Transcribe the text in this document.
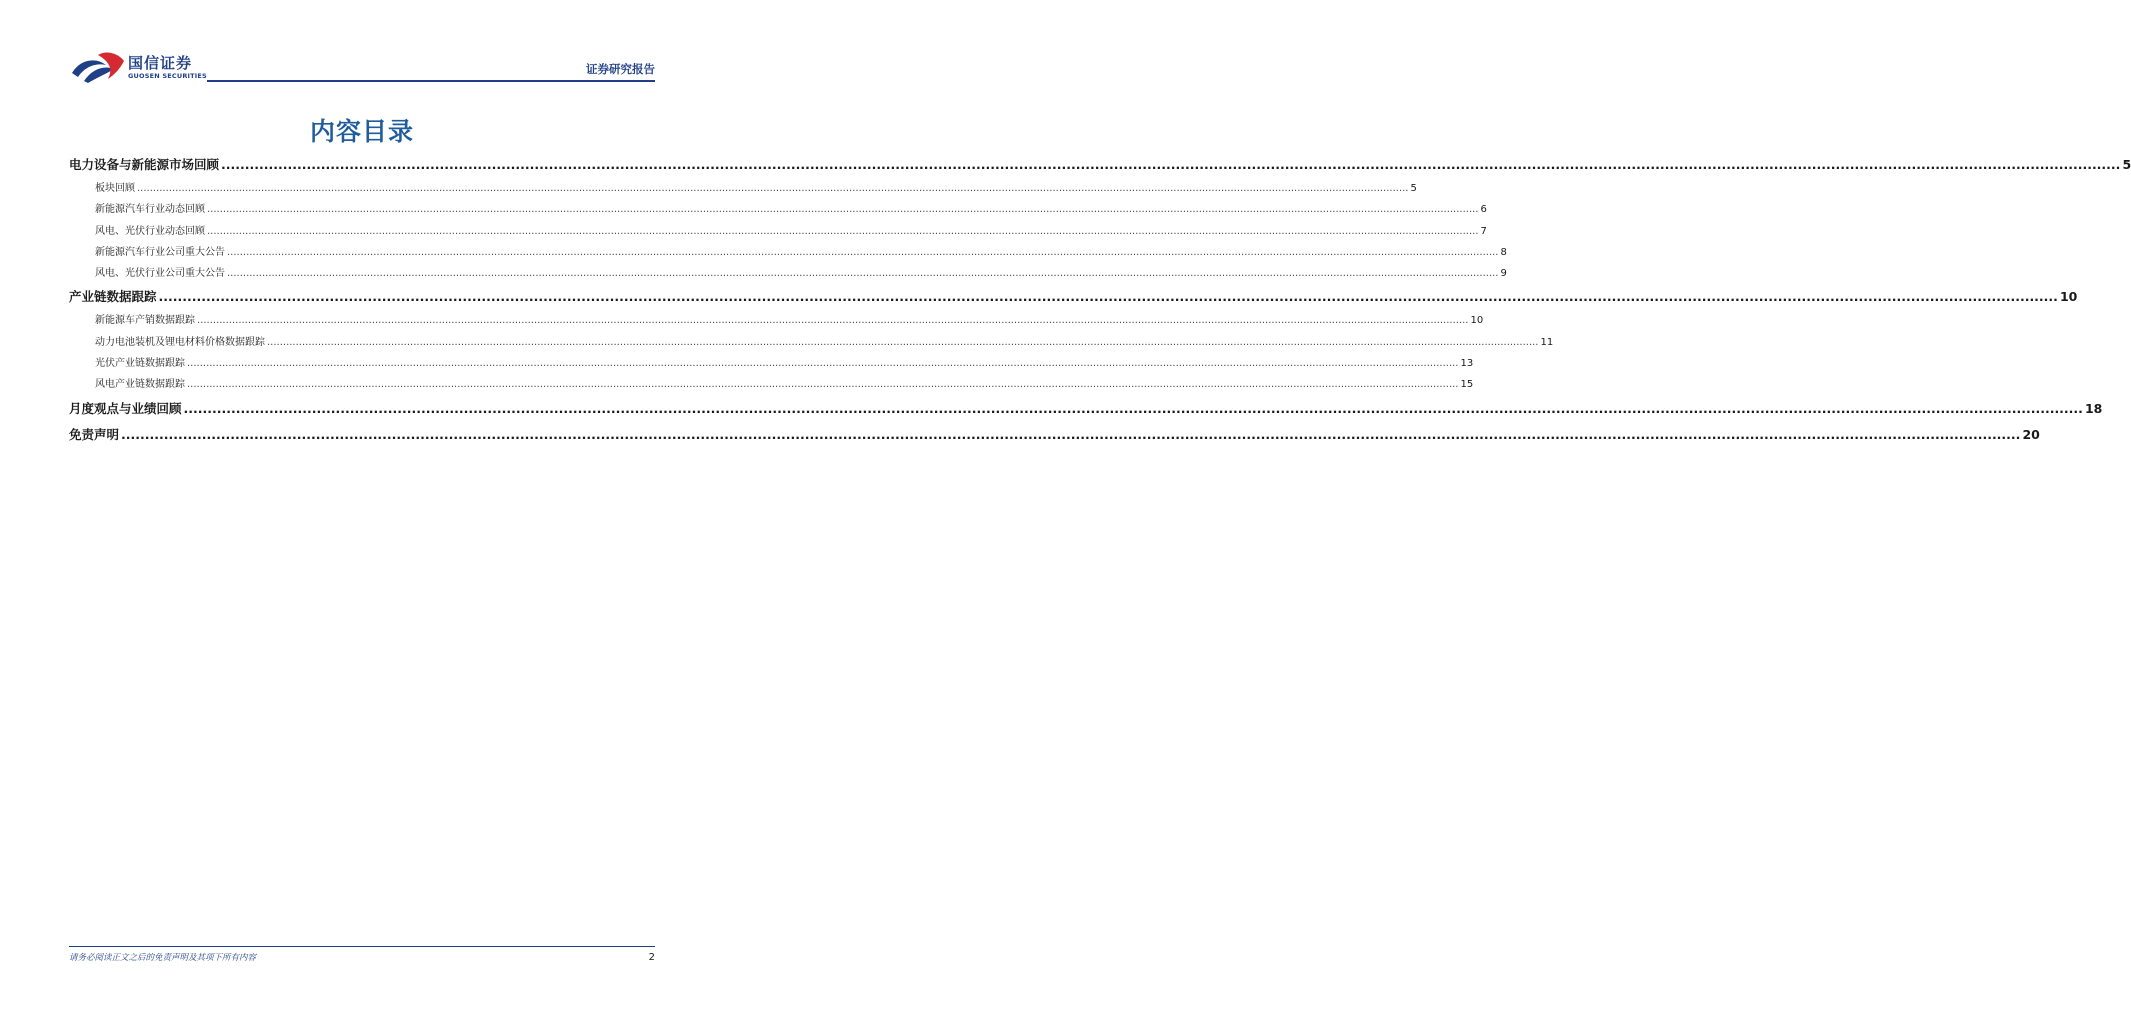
国信证券
GUOSEN SECURITIES	证券研究报告
内容目录
电力设备与新能源市场回顾 ................................................................................................................................................................................................................................................................................................................................................................................................................ 5
板块回顾 ................................................................................................................................................................................................................................................................................................................................................................................................................ 5
新能源汽车行业动态回顾 ................................................................................................................................................................................................................................................................................................................................................................................................................ 6
风电、光伏行业动态回顾 ................................................................................................................................................................................................................................................................................................................................................................................................................ 7
新能源汽车行业公司重大公告 ................................................................................................................................................................................................................................................................................................................................................................................................................ 8
风电、光伏行业公司重大公告 ................................................................................................................................................................................................................................................................................................................................................................................................................ 9
产业链数据跟踪 ................................................................................................................................................................................................................................................................................................................................................................................................................ 10
新能源车产销数据跟踪 ................................................................................................................................................................................................................................................................................................................................................................................................................ 10
动力电池装机及锂电材料价格数据跟踪 ................................................................................................................................................................................................................................................................................................................................................................................................................ 11
光伏产业链数据跟踪 ................................................................................................................................................................................................................................................................................................................................................................................................................ 13
风电产业链数据跟踪 ................................................................................................................................................................................................................................................................................................................................................................................................................ 15
月度观点与业绩回顾 ................................................................................................................................................................................................................................................................................................................................................................................................................ 18
免责声明 ................................................................................................................................................................................................................................................................................................................................................................................................................ 20
请务必阅读正文之后的免责声明及其项下所有内容	2
